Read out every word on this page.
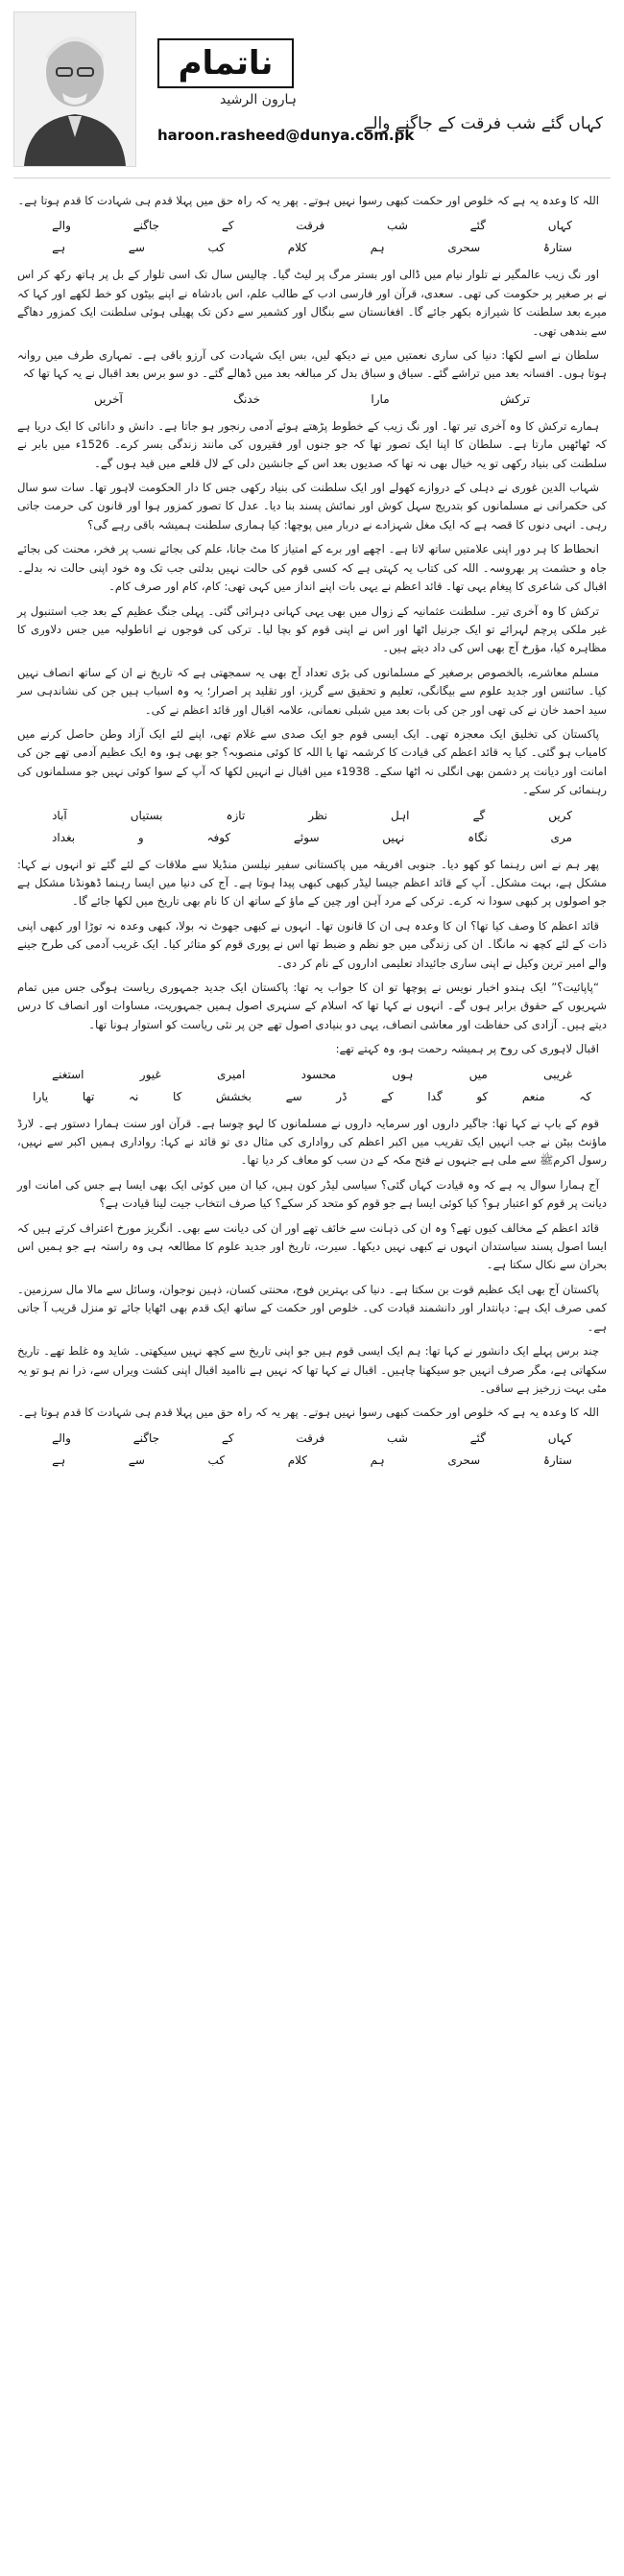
ناتمام
ہارون الرشید
haroon.rasheed@dunya.com.pk
کہاں گئے شب فرقت کے جاگنے والے

اللہ کا وعدہ یہ ہے کہ خلوص اور حکمت کبھی رسوا نہیں ہوتے۔ پھر یہ کہ راہ حق میں پہلا قدم ہی شہادت کا قدم ہوتا ہے۔

کہاں
گئے
شب
فرقت
کے
جاگنے
والے
ستارۂ
سحری
ہم
کلام
کب
سے
ہے

اور نگ زیب عالمگیر نے تلوار نیام میں ڈالی اور بستر مرگ پر لیٹ گیا۔ چالیس سال تک اسی تلوار کے بل پر ہاتھ رکھ کر اس نے بر صغیر پر حکومت کی تھی۔ سعدی، قرآن اور فارسی ادب کے طالب علم، اس بادشاہ نے اپنے بیٹوں کو خط لکھے اور کہا کہ میرے بعد سلطنت کا شیرازہ بکھر جائے گا۔ افغانستان سے بنگال اور کشمیر سے دکن تک پھیلی ہوئی سلطنت ایک کمزور دھاگے سے بندھی تھی۔

سلطان نے اسے لکھا: دنیا کی ساری نعمتیں میں نے دیکھ لیں، بس ایک شہادت کی آرزو باقی ہے۔ تمہاری طرف میں روانہ ہوتا ہوں۔ افسانہ بعد میں تراشے گئے۔ سیاق و سباق بدل کر مبالغہ بعد میں ڈھالے گئے۔ دو سو برس بعد اقبال نے یہ کہا تھا کہ

ترکش
مارا
خدنگ
آخریں

ہمارے ترکش کا وہ آخری تیر تھا۔ اور نگ زیب کے خطوط پڑھتے ہوئے آدمی رنجور ہو جاتا ہے۔ دانش و دانائی کا ایک دریا ہے کہ ٹھاٹھیں مارتا ہے۔ سلطان کا اپنا ایک تصور تھا کہ جو جنوں اور فقیروں کی مانند زندگی بسر کرے۔ 1526ء میں بابر نے سلطنت کی بنیاد رکھی تو یہ خیال بھی نہ تھا کہ صدیوں بعد اس کے جانشین دلی کے لال قلعے میں قید ہوں گے۔

شہاب الدین غوری نے دہلی کے دروازے کھولے اور ایک سلطنت کی بنیاد رکھی جس کا دار الحکومت لاہور تھا۔ سات سو سال کی حکمرانی نے مسلمانوں کو بتدریج سہل کوش اور نمائش پسند بنا دیا۔ عدل کا تصور کمزور ہوا اور قانون کی حرمت جاتی رہی۔ انہی دنوں کا قصہ ہے کہ ایک مغل شہزادے نے دربار میں پوچھا: کیا ہماری سلطنت ہمیشہ باقی رہے گی؟

انحطاط کا ہر دور اپنی علامتیں ساتھ لاتا ہے۔ اچھے اور برے کے امتیاز کا مٹ جانا، علم کی بجائے نسب پر فخر، محنت کی بجائے جاہ و حشمت پر بھروسہ۔ اللہ کی کتاب یہ کہتی ہے کہ کسی قوم کی حالت نہیں بدلتی جب تک وہ خود اپنی حالت نہ بدلے۔ اقبال کی شاعری کا پیغام یہی تھا۔ قائد اعظم نے یہی بات اپنے انداز میں کہی تھی: کام، کام اور صرف کام۔

ترکش کا وہ آخری تیر۔ سلطنت عثمانیہ کے زوال میں بھی یہی کہانی دہرائی گئی۔ پہلی جنگ عظیم کے بعد جب استنبول پر غیر ملکی پرچم لہرائے تو ایک جرنیل اٹھا اور اس نے اپنی قوم کو بچا لیا۔ ترکی کی فوجوں نے اناطولیہ میں جس دلاوری کا مظاہرہ کیا، مؤرخ آج بھی اس کی داد دیتے ہیں۔

مسلم معاشرے، بالخصوص برصغیر کے مسلمانوں کی بڑی تعداد آج بھی یہ سمجھتی ہے کہ تاریخ نے ان کے ساتھ انصاف نہیں کیا۔ سائنس اور جدید علوم سے بیگانگی، تعلیم و تحقیق سے گریز، اور تقلید پر اصرار؛ یہ وہ اسباب ہیں جن کی نشاندہی سر سید احمد خان نے کی تھی اور جن کی بات بعد میں شبلی نعمانی، علامہ اقبال اور قائد اعظم نے کی۔

پاکستان کی تخلیق ایک معجزہ تھی۔ ایک ایسی قوم جو ایک صدی سے غلام تھی، اپنے لئے ایک آزاد وطن حاصل کرنے میں کامیاب ہو گئی۔ کیا یہ قائد اعظم کی قیادت کا کرشمہ تھا یا اللہ کا کوئی منصوبہ؟ جو بھی ہو، وہ ایک عظیم آدمی تھے جن کی امانت اور دیانت پر دشمن بھی انگلی نہ اٹھا سکے۔ 1938ء میں اقبال نے انہیں لکھا کہ آپ کے سوا کوئی نہیں جو مسلمانوں کی رہنمائی کر سکے۔

کریں
گے
اہل
نظر
تازہ
بستیاں
آباد
مری
نگاہ
نہیں
سوئے
کوفہ
و
بغداد

پھر ہم نے اس رہنما کو کھو دیا۔ جنوبی افریقہ میں پاکستانی سفیر نیلسن منڈیلا سے ملاقات کے لئے گئے تو انہوں نے کہا: مشکل ہے، بہت مشکل۔ آپ کے قائد اعظم جیسا لیڈر کبھی کبھی پیدا ہوتا ہے۔ آج کی دنیا میں ایسا رہنما ڈھونڈنا مشکل ہے جو اصولوں پر کبھی سودا نہ کرے۔ ترکی کے مرد آہن اور چین کے ماؤ کے ساتھ ان کا نام بھی تاریخ میں لکھا جائے گا۔

قائد اعظم کا وصف کیا تھا؟ ان کا وعدہ ہی ان کا قانون تھا۔ انہوں نے کبھی جھوٹ نہ بولا، کبھی وعدہ نہ توڑا اور کبھی اپنی ذات کے لئے کچھ نہ مانگا۔ ان کی زندگی میں جو نظم و ضبط تھا اس نے پوری قوم کو متاثر کیا۔ ایک غریب آدمی کی طرح جینے والے امیر ترین وکیل نے اپنی ساری جائیداد تعلیمی اداروں کے نام کر دی۔

“پاپائیت؟” ایک ہندو اخبار نویس نے پوچھا تو ان کا جواب یہ تھا: پاکستان ایک جدید جمہوری ریاست ہوگی جس میں تمام شہریوں کے حقوق برابر ہوں گے۔ انہوں نے کہا تھا کہ اسلام کے سنہری اصول ہمیں جمہوریت، مساوات اور انصاف کا درس دیتے ہیں۔ آزادی کی حفاظت اور معاشی انصاف، یہی دو بنیادی اصول تھے جن پر نئی ریاست کو استوار ہونا تھا۔

اقبال لاہوری کی روح پر ہمیشہ رحمت ہو، وہ کہتے تھے:

غریبی
میں
ہوں
محسود
امیری
غیور
استغنے
کہ
منعم
کو
گدا
کے
ڈر
سے
بخشش
کا
نہ
تھا
یارا

قوم کے باپ نے کہا تھا: جاگیر داروں اور سرمایہ داروں نے مسلمانوں کا لہو چوسا ہے۔ قرآن اور سنت ہمارا دستور ہے۔ لارڈ ماؤنٹ بیٹن نے جب انہیں ایک تقریب میں اکبر اعظم کی رواداری کی مثال دی تو قائد نے کہا: رواداری ہمیں اکبر سے نہیں، رسول اکرمﷺ سے ملی ہے جنہوں نے فتح مکہ کے دن سب کو معاف کر دیا تھا۔

آج ہمارا سوال یہ ہے کہ وہ قیادت کہاں گئی؟ سیاسی لیڈر کون ہیں، کیا ان میں کوئی ایک بھی ایسا ہے جس کی امانت اور دیانت پر قوم کو اعتبار ہو؟ کیا کوئی ایسا ہے جو قوم کو متحد کر سکے؟ کیا صرف انتخاب جیت لینا قیادت ہے؟

قائد اعظم کے مخالف کیوں تھے؟ وہ ان کی ذہانت سے خائف تھے اور ان کی دیانت سے بھی۔ انگریز مورخ اعتراف کرتے ہیں کہ ایسا اصول پسند سیاستدان انہوں نے کبھی نہیں دیکھا۔ سیرت، تاریخ اور جدید علوم کا مطالعہ ہی وہ راستہ ہے جو ہمیں اس بحران سے نکال سکتا ہے۔

پاکستان آج بھی ایک عظیم قوت بن سکتا ہے۔ دنیا کی بہترین فوج، محنتی کسان، ذہین نوجوان، وسائل سے مالا مال سرزمین۔ کمی صرف ایک ہے: دیانتدار اور دانشمند قیادت کی۔ خلوص اور حکمت کے ساتھ ایک قدم بھی اٹھایا جائے تو منزل قریب آ جاتی ہے۔

چند برس پہلے ایک دانشور نے کہا تھا: ہم ایک ایسی قوم ہیں جو اپنی تاریخ سے کچھ نہیں سیکھتی۔ شاید وہ غلط تھے۔ تاریخ سکھاتی ہے، مگر صرف انہیں جو سیکھنا چاہیں۔ اقبال نے کہا تھا کہ نہیں ہے ناامید اقبال اپنی کشت ویراں سے، ذرا نم ہو تو یہ مٹی بہت زرخیز ہے ساقی۔

اللہ کا وعدہ یہ ہے کہ خلوص اور حکمت کبھی رسوا نہیں ہوتے۔ پھر یہ کہ راہ حق میں پہلا قدم ہی شہادت کا قدم ہوتا ہے۔

کہاں
گئے
شب
فرقت
کے
جاگنے
والے
ستارۂ
سحری
ہم
کلام
کب
سے
ہے
